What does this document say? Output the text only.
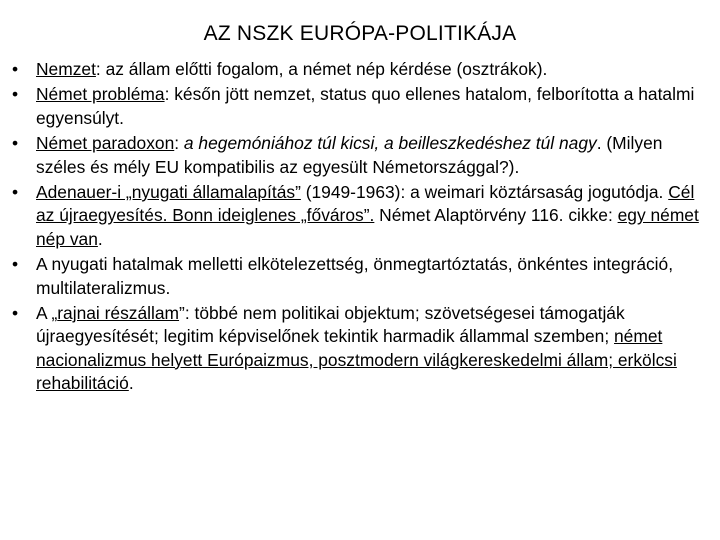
AZ NSZK EURÓPA-POLITIKÁJA
• Nemzet: az állam előtti fogalom, a német nép kérdése (osztrákok).
• Német probléma: későn jött nemzet, status quo ellenes hatalom, felborította a hatalmi egyensúlyt.
• Német paradoxon: a hegemóniához túl kicsi, a beilleszkedéshez túl nagy. (Milyen széles és mély EU kompatibilis az egyesült Németországgal?).
• Adenauer-i „nyugati államalapítás” (1949-1963): a weimari köztársaság jogutódja. Cél az újraegyesítés. Bonn ideiglenes „főváros”. Német Alaptörvény 116. cikke: egy német nép van.
• A nyugati hatalmak melletti elkötelezettség, önmegtartóztatás, önkéntes integráció, multilateralizmus.
• A „rajnai részállam”: többé nem politikai objektum; szövetségesei támogatják újraegyesítését; legitim képviselőnek tekintik harmadik állammal szemben; német nacionalizmus helyett Európaizmus, posztmodern világkereskedelmi állam; erkölcsi rehabilitáció.
